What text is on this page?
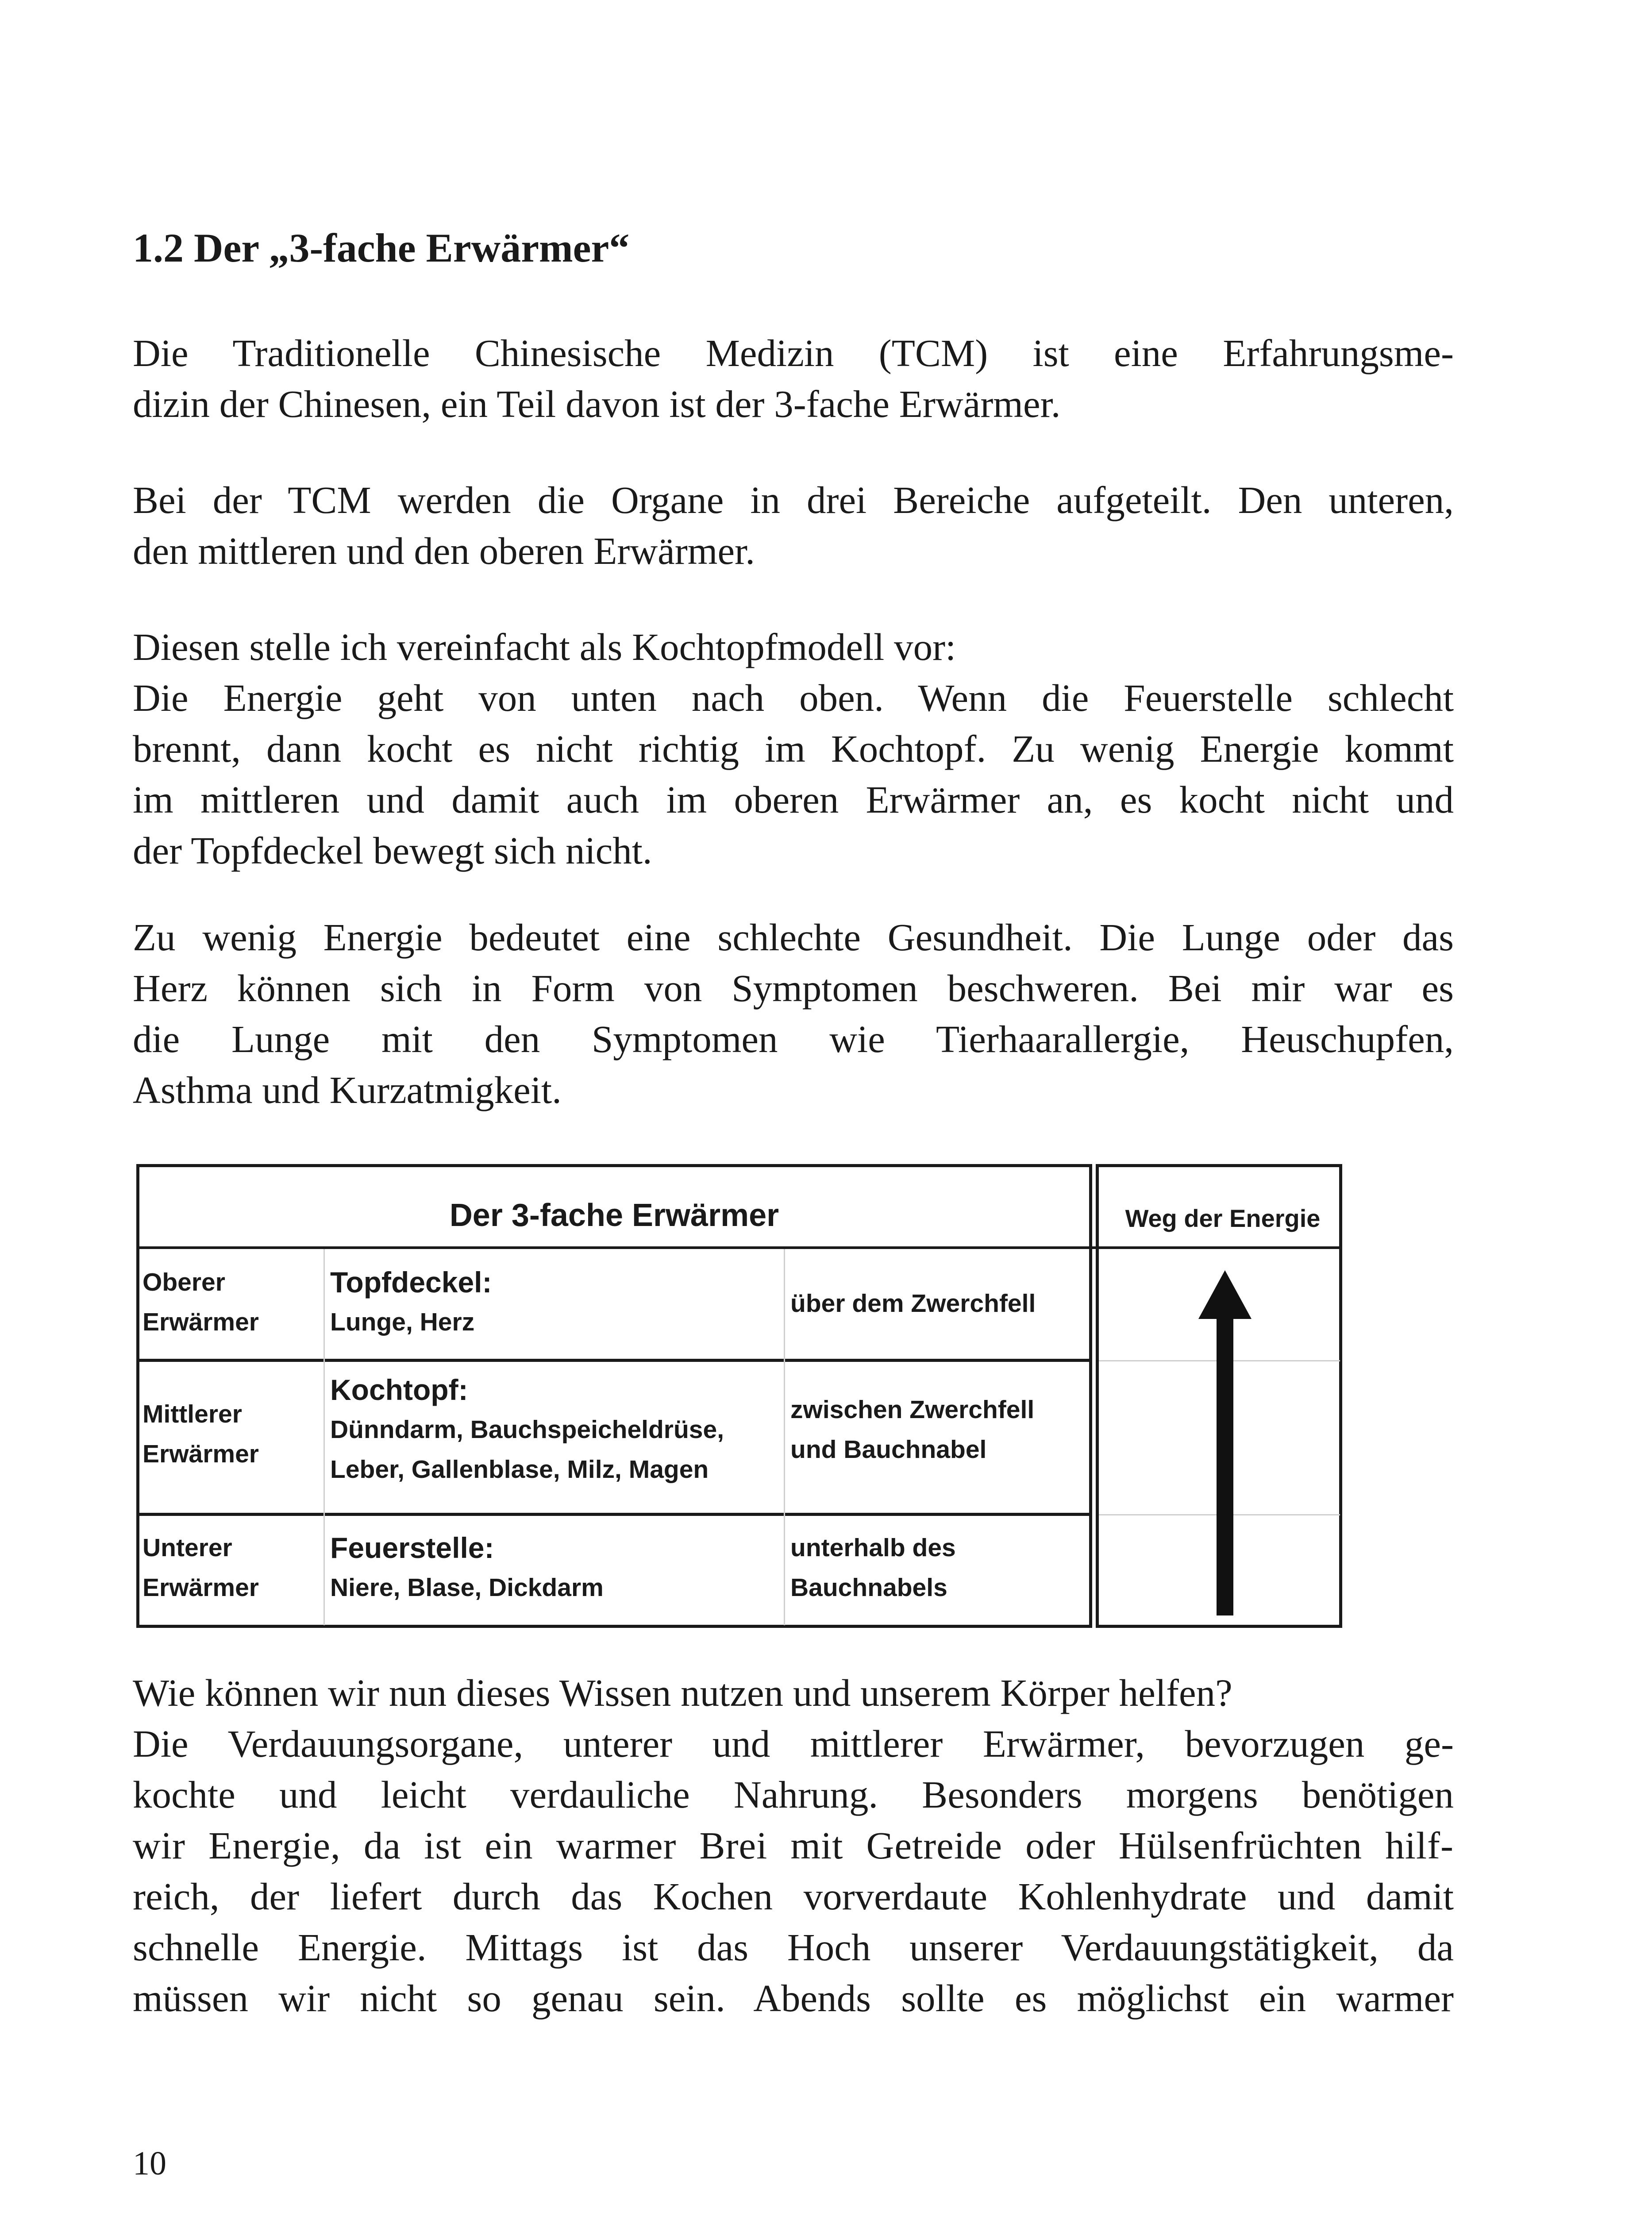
1.2 Der „3-fache Erwärmer“

Die Traditionelle Chinesische Medizin (TCM) ist eine Erfahrungsme-
dizin der Chinesen, ein Teil davon ist der 3-fache Erwärmer.

Bei der TCM werden die Organe in drei Bereiche aufgeteilt. Den unteren,
den mittleren und den oberen Erwärmer.

Diesen stelle ich vereinfacht als Kochtopfmodell vor:
Die Energie geht von unten nach oben. Wenn die Feuerstelle schlecht
brennt, dann kocht es nicht richtig im Kochtopf. Zu wenig Energie kommt
im mittleren und damit auch im oberen Erwärmer an, es kocht nicht und
der Topfdeckel bewegt sich nicht.

Zu wenig Energie bedeutet eine schlechte Gesundheit. Die Lunge oder das
Herz können sich in Form von Symptomen beschweren. Bei mir war es
die Lunge mit den Symptomen wie Tierhaarallergie, Heuschupfen,
Asthma und Kurzatmigkeit.

Der 3-fache Erwärmer	Weg der Energie
Oberer
Erwärmer
Topfdeckel:
Lunge, Herz
über dem Zwerchfell
Mittlerer
Erwärmer
Kochtopf:
Dünndarm, Bauchspeicheldrüse,
Leber, Gallenblase, Milz, Magen
zwischen Zwerchfell
und Bauchnabel
Unterer
Erwärmer
Feuerstelle:
Niere, Blase, Dickdarm
unterhalb des
Bauchnabels

Wie können wir nun dieses Wissen nutzen und unserem Körper helfen?
Die Verdauungsorgane, unterer und mittlerer Erwärmer, bevorzugen ge-
kochte und leicht verdauliche Nahrung. Besonders morgens benötigen
wir Energie, da ist ein warmer Brei mit Getreide oder Hülsenfrüchten hilf-
reich, der liefert durch das Kochen vorverdaute Kohlenhydrate und damit
schnelle Energie. Mittags ist das Hoch unserer Verdauungstätigkeit, da
müssen wir nicht so genau sein. Abends sollte es möglichst ein warmer

10
